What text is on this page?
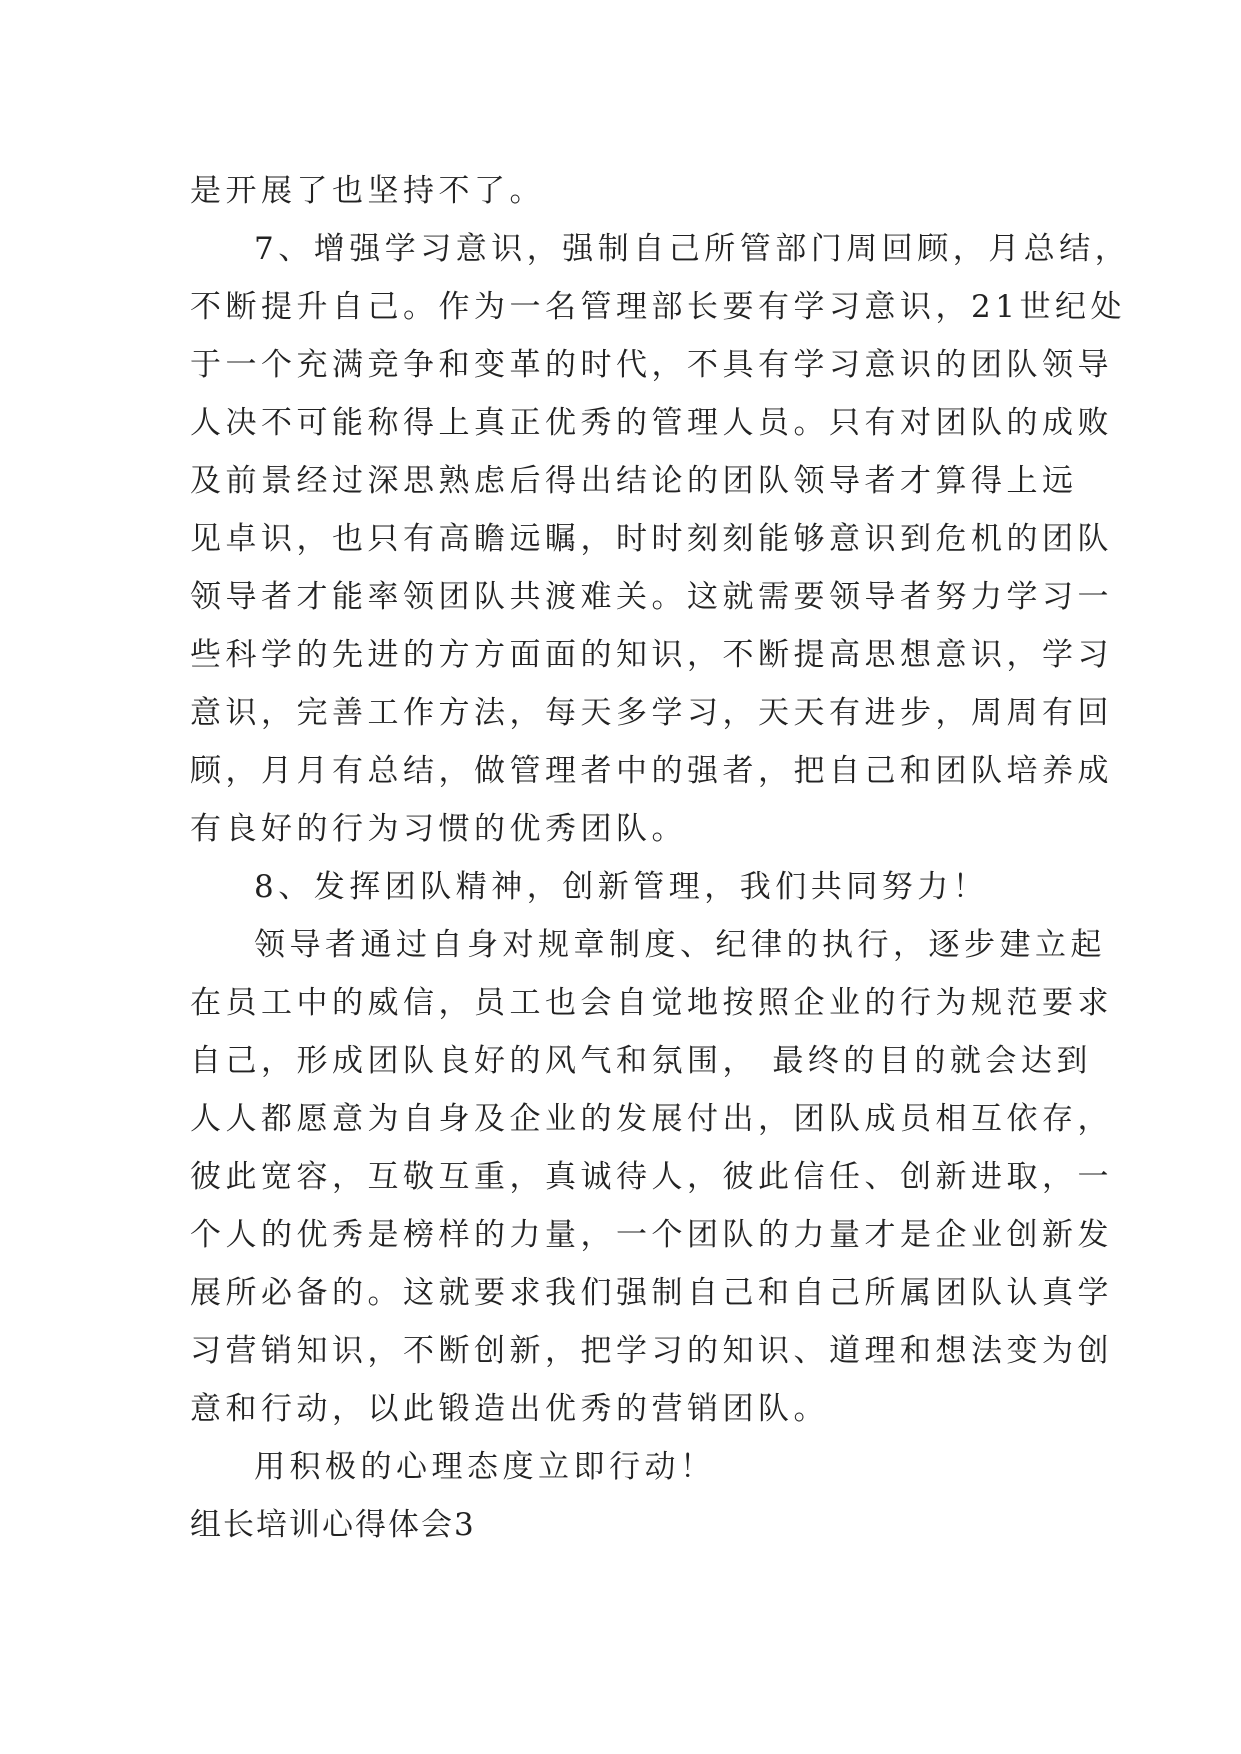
是开展了也坚持不了。
7、增强学习意识，强制自己所管部门周回顾，月总结，
不断提升自己。作为一名管理部长要有学习意识，21世纪处
于一个充满竞争和变革的时代，不具有学习意识的团队领导
人决不可能称得上真正优秀的管理人员。只有对团队的成败
及前景经过深思熟虑后得出结论的团队领导者才算得上远
见卓识，也只有高瞻远瞩，时时刻刻能够意识到危机的团队
领导者才能率领团队共渡难关。这就需要领导者努力学习一
些科学的先进的方方面面的知识，不断提高思想意识，学习
意识，完善工作方法，每天多学习，天天有进步，周周有回
顾，月月有总结，做管理者中的强者，把自己和团队培养成
有良好的行为习惯的优秀团队。
8、发挥团队精神，创新管理，我们共同努力！
领导者通过自身对规章制度、纪律的执行，逐步建立起
在员工中的威信，员工也会自觉地按照企业的行为规范要求
自己，形成团队良好的风气和氛围， 最终的目的就会达到
人人都愿意为自身及企业的发展付出，团队成员相互依存，
彼此宽容，互敬互重，真诚待人，彼此信任、创新进取，一
个人的优秀是榜样的力量，一个团队的力量才是企业创新发
展所必备的。这就要求我们强制自己和自己所属团队认真学
习营销知识，不断创新，把学习的知识、道理和想法变为创
意和行动，以此锻造出优秀的营销团队。
用积极的心理态度立即行动！
组长培训心得体会3
